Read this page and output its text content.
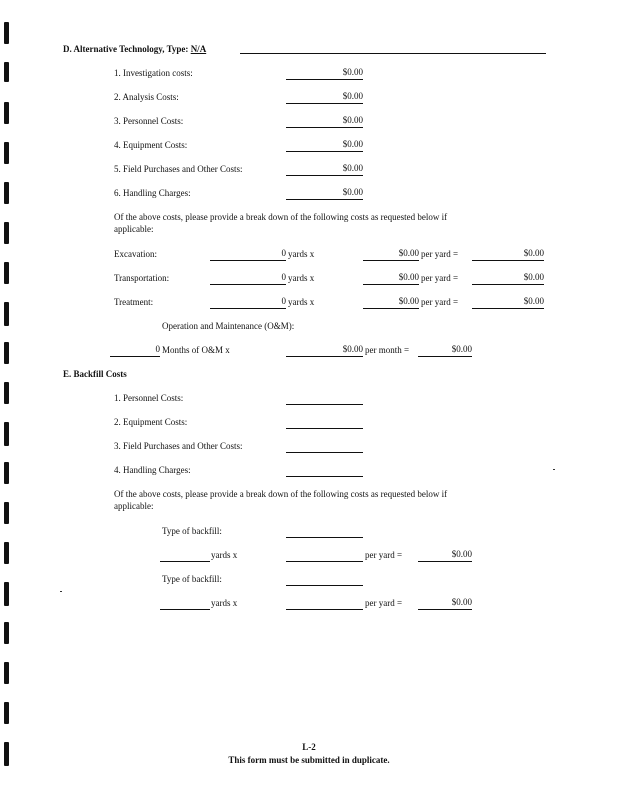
D. Alternative Technology, Type: N/A
1. Investigation costs:	$0.00
2. Analysis Costs:	$0.00
3. Personnel Costs:	$0.00
4. Equipment Costs:	$0.00
5. Field Purchases and Other Costs:	$0.00
6. Handling Charges:	$0.00
Of the above costs, please provide a break down of the following costs as requested below if
applicable:
Excavation:	0 yards x	$0.00 per yard =	$0.00
Transportation:	0 yards x	$0.00 per yard =	$0.00
Treatment:	0 yards x	$0.00 per yard =	$0.00
Operation and Maintenance (O&M):
0 Months of O&M x	$0.00 per month =	$0.00
E. Backfill Costs
1. Personnel Costs:
2. Equipment Costs:
3. Field Purchases and Other Costs:
4. Handling Charges:
Of the above costs, please provide a break down of the following costs as requested below if
applicable:
Type of backfill:
yards x	per yard =	$0.00
Type of backfill:
yards x	per yard =	$0.00
L-2
This form must be submitted in duplicate.
